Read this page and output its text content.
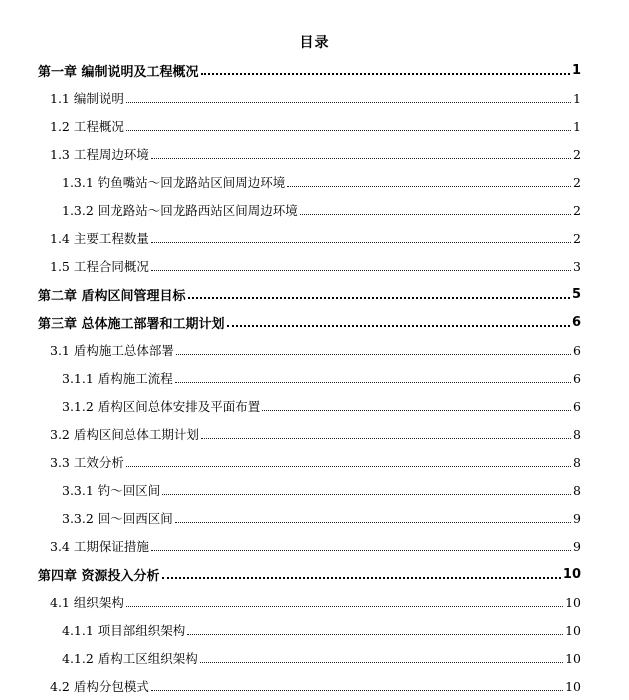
目录
第一章 编制说明及工程概况	1
1.1 编制说明	1
1.2 工程概况	1
1.3 工程周边环境	2
1.3.1 钓鱼嘴站～回龙路站区间周边环境	2
1.3.2 回龙路站～回龙路西站区间周边环境	2
1.4 主要工程数量	2
1.5 工程合同概况	3
第二章 盾构区间管理目标	5
第三章 总体施工部署和工期计划	6
3.1 盾构施工总体部署	6
3.1.1 盾构施工流程	6
3.1.2 盾构区间总体安排及平面布置	6
3.2 盾构区间总体工期计划	8
3.3 工效分析	8
3.3.1 钓～回区间	8
3.3.2 回～回西区间	9
3.4 工期保证措施	9
第四章 资源投入分析	10
4.1 组织架构	10
4.1.1 项目部组织架构	10
4.1.2 盾构工区组织架构	10
4.2 盾构分包模式	10
